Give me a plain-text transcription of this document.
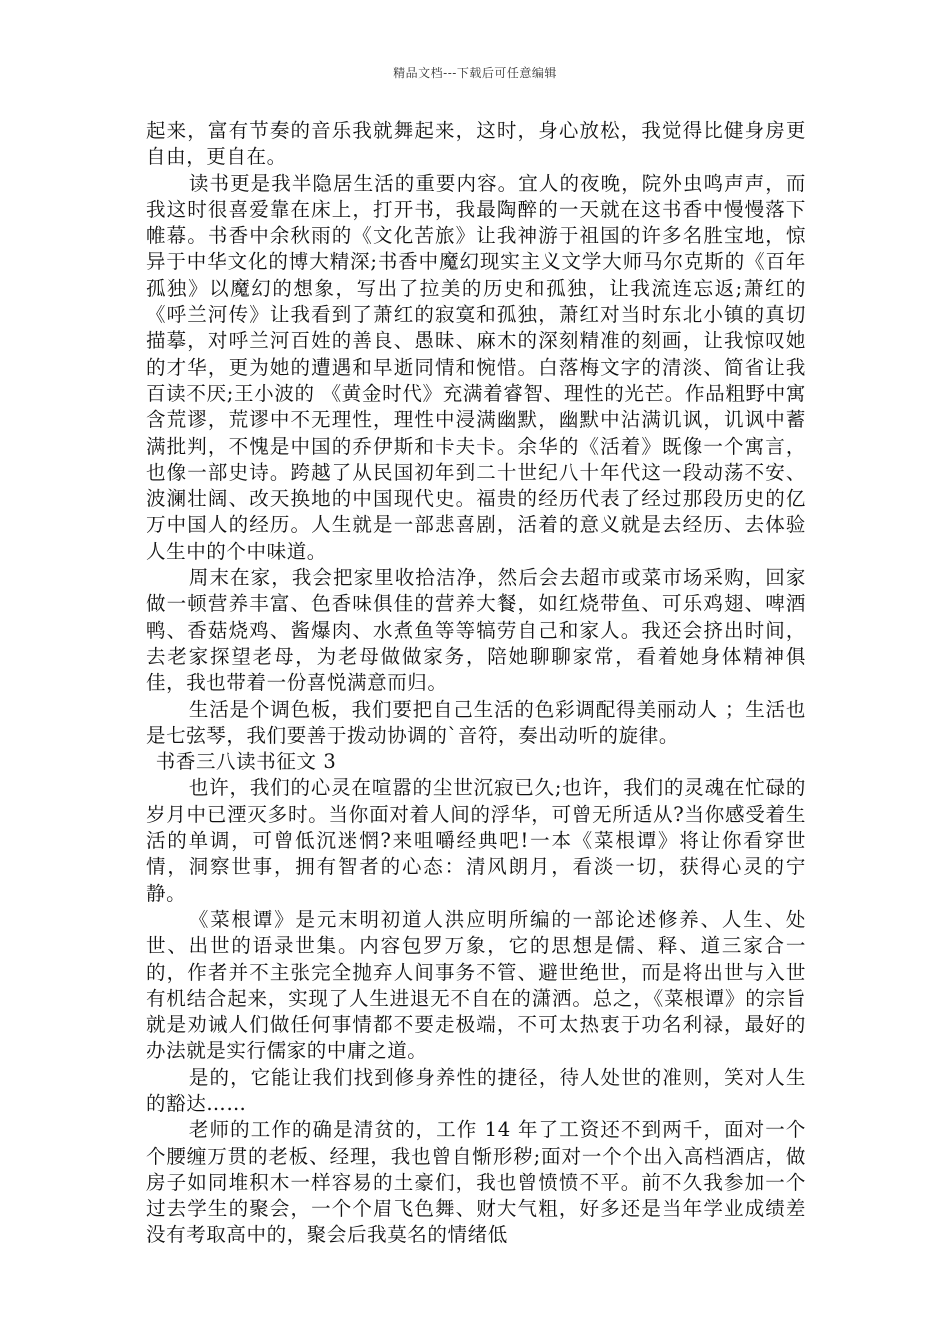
精品文档---下载后可任意编辑

起来，富有节奏的音乐我就舞起来，这时，身心放松，我觉得比健身房更自由，更自在。

读书更是我半隐居生活的重要内容。宜人的夜晚，院外虫鸣声声，而我这时很喜爱靠在床上，打开书，我最陶醉的一天就在这书香中慢慢落下帷幕。书香中余秋雨的《文化苦旅》让我神游于祖国的许多名胜宝地，惊异于中华文化的博大精深;书香中魔幻现实主义文学大师马尔克斯的《百年孤独》以魔幻的想象，写出了拉美的历史和孤独，让我流连忘返;萧红的《呼兰河传》让我看到了萧红的寂寞和孤独，萧红对当时东北小镇的真切描摹，对呼兰河百姓的善良、愚昧、麻木的深刻精准的刻画，让我惊叹她的才华，更为她的遭遇和早逝同情和惋惜。白落梅文字的清淡、简省让我百读不厌;王小波的 《黄金时代》充满着睿智、理性的光芒。作品粗野中寓含荒谬，荒谬中不无理性，理性中浸满幽默，幽默中沾满讥讽，讥讽中蓄满批判，不愧是中国的乔伊斯和卡夫卡。余华的《活着》既像一个寓言，也像一部史诗。跨越了从民国初年到二十世纪八十年代这一段动荡不安、波澜壮阔、改天换地的中国现代史。福贵的经历代表了经过那段历史的亿万中国人的经历。人生就是一部悲喜剧，活着的意义就是去经历、去体验人生中的个中味道。

周末在家，我会把家里收拾洁净，然后会去超市或菜市场采购，回家做一顿营养丰富、色香味俱佳的营养大餐，如红烧带鱼、可乐鸡翅、啤酒鸭、香菇烧鸡、酱爆肉、水煮鱼等等犒劳自己和家人。我还会挤出时间，去老家探望老母，为老母做做家务，陪她聊聊家常，看着她身体精神俱佳，我也带着一份喜悦满意而归。

生活是个调色板，我们要把自己生活的色彩调配得美丽动人 ；生活也是七弦琴，我们要善于拨动协调的`音符，奏出动听的旋律。

书香三八读书征文 3

也许，我们的心灵在喧嚣的尘世沉寂已久;也许，我们的灵魂在忙碌的岁月中已湮灭多时。当你面对着人间的浮华，可曾无所适从?当你感受着生活的单调，可曾低沉迷惘?来咀嚼经典吧!一本《菜根谭》将让你看穿世情，洞察世事，拥有智者的心态：清风朗月，看淡一切，获得心灵的宁静。

《菜根谭》是元末明初道人洪应明所编的一部论述修养、人生、处世、出世的语录世集。内容包罗万象，它的思想是儒、释、道三家合一的，作者并不主张完全抛弃人间事务不管、避世绝世，而是将出世与入世有机结合起来，实现了人生进退无不自在的潇洒。总之，《菜根谭》的宗旨就是劝诫人们做任何事情都不要走极端，不可太热衷于功名利禄，最好的办法就是实行儒家的中庸之道。

是的，它能让我们找到修身养性的捷径，待人处世的准则，笑对人生的豁达……

老师的工作的确是清贫的，工作 14 年了工资还不到两千，面对一个个腰缠万贯的老板、经理，我也曾自惭形秽;面对一个个出入高档酒店，做房子如同堆积木一样容易的土豪们，我也曾愤愤不平。前不久我参加一个过去学生的聚会，一个个眉飞色舞、财大气粗，好多还是当年学业成绩差没有考取高中的，聚会后我莫名的情绪低
